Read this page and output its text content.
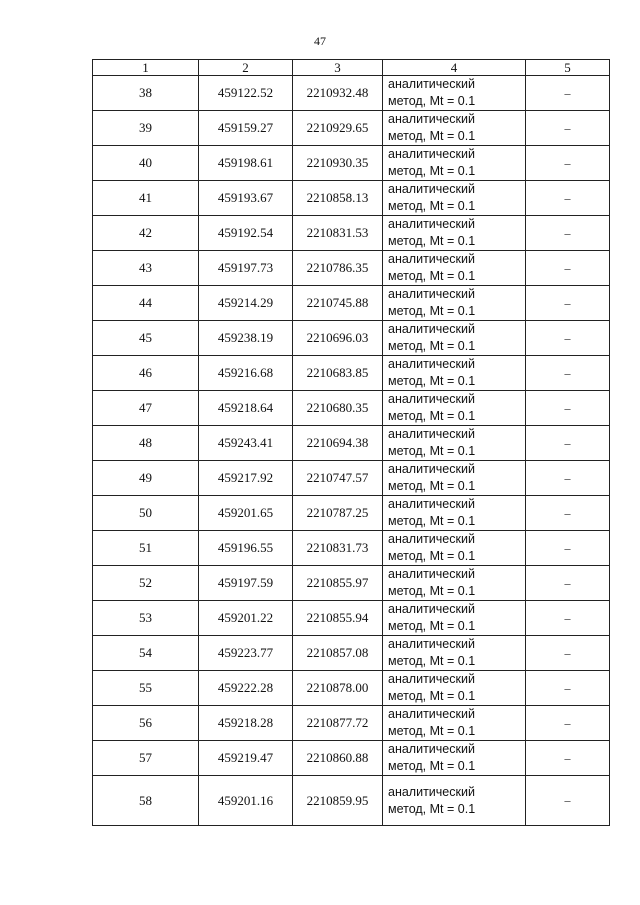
47
1	2	3	4	5
38	459122.52	2210932.48	аналитический
метод, Mt = 0.1	–
39	459159.27	2210929.65	аналитический
метод, Mt = 0.1	–
40	459198.61	2210930.35	аналитический
метод, Mt = 0.1	–
41	459193.67	2210858.13	аналитический
метод, Mt = 0.1	–
42	459192.54	2210831.53	аналитический
метод, Mt = 0.1	–
43	459197.73	2210786.35	аналитический
метод, Mt = 0.1	–
44	459214.29	2210745.88	аналитический
метод, Mt = 0.1	–
45	459238.19	2210696.03	аналитический
метод, Mt = 0.1	–
46	459216.68	2210683.85	аналитический
метод, Mt = 0.1	–
47	459218.64	2210680.35	аналитический
метод, Mt = 0.1	–
48	459243.41	2210694.38	аналитический
метод, Mt = 0.1	–
49	459217.92	2210747.57	аналитический
метод, Mt = 0.1	–
50	459201.65	2210787.25	аналитический
метод, Mt = 0.1	–
51	459196.55	2210831.73	аналитический
метод, Mt = 0.1	–
52	459197.59	2210855.97	аналитический
метод, Mt = 0.1	–
53	459201.22	2210855.94	аналитический
метод, Mt = 0.1	–
54	459223.77	2210857.08	аналитический
метод, Mt = 0.1	–
55	459222.28	2210878.00	аналитический
метод, Mt = 0.1	–
56	459218.28	2210877.72	аналитический
метод, Mt = 0.1	–
57	459219.47	2210860.88	аналитический
метод, Mt = 0.1	–
58	459201.16	2210859.95	аналитический
метод, Mt = 0.1	–
